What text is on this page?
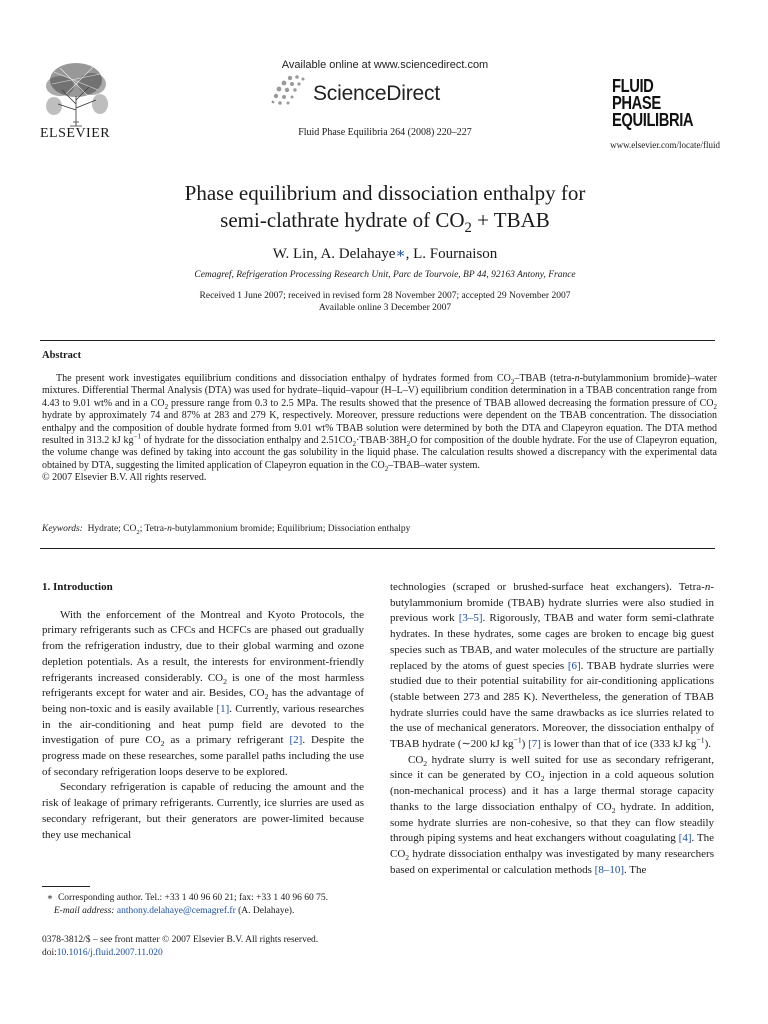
ELSEVIER
Available online at www.sciencedirect.com
ScienceDirect
Fluid Phase Equilibria 264 (2008) 220–227
FLUID PHASE
EQUILIBRIA
www.elsevier.com/locate/fluid
Phase equilibrium and dissociation enthalpy for
semi-clathrate hydrate of $CO_2$ + TBAB
W. Lin, A. Delahaye∗, L. Fournaison
Cemagref, Refrigeration Processing Research Unit, Parc de Tourvoie, BP 44, 92163 Antony, France
Received 1 June 2007; received in revised form 28 November 2007; accepted 29 November 2007
Available online 3 December 2007
Abstract

The present work investigates equilibrium conditions and dissociation enthalpy of hydrates formed from $CO_2$–TBAB (tetra-n-butylammonium bromide)–water mixtures. Differential Thermal Analysis (DTA) was used for hydrate–liquid–vapour (H–L–V) equilibrium condition determination in a TBAB concentration range from 4.43 to 9.01 wt% and in a $CO_2$ pressure range from 0.3 to 2.5 MPa. The results showed that the presence of TBAB allowed decreasing the formation pressure of $CO_2$ hydrate by approximately 74 and 87% at 283 and 279 K, respectively. Moreover, pressure reductions were dependent on the TBAB concentration. The dissociation enthalpy and the composition of double hydrate formed from 9.01 wt% TBAB solution were determined by both the DTA and Clapeyron equation. The DTA method resulted in 313.2 kJ $kg^{-1}$ of hydrate for the dissociation enthalpy and $2.51CO_2\cdot TBAB\cdot 38H_2O$ for composition of the double hydrate. For the use of Clapeyron equation, the volume change was defined by taking into account the gas solubility in the liquid phase. The calculation results showed a discrepancy with the experimental data obtained by DTA, suggesting the limited application of Clapeyron equation in the $CO_2-TBAB$–water system.

© 2007 Elsevier B.V. All rights reserved.

Keywords: Hydrate; $CO_2$; Tetra-n-butylammonium bromide; Equilibrium; Dissociation enthalpy

1. Introduction

With the enforcement of the Montreal and Kyoto Protocols, the primary refrigerants such as CFCs and HCFCs are phased out gradually from the refrigeration industry, due to their global warming and ozone depletion potentials. As a result, the interests for environment-friendly refrigerants increased considerably. $CO_2$ is one of the most harmless refrigerants except for water and air. Besides, $CO_2$ has the advantage of being non-toxic and is easily available [1]. Currently, various researches in the air-conditioning and heat pump field are devoted to the investigation of pure $CO_2$ as a primary refrigerant [2]. Despite the progress made on these researches, some parallel paths including the use of secondary refrigeration loops deserve to be explored.

Secondary refrigeration is capable of reducing the amount and the risk of leakage of primary refrigerants. Currently, ice slurries are used as secondary refrigerant, but their generators are power-limited because they use mechanical

∗ Corresponding author. Tel.: +33 1 40 96 60 21; fax: +33 1 40 96 60 75.
E-mail address: anthony.delahaye@cemagref.fr (A. Delahaye).
0378-3812/$ – see front matter © 2007 Elsevier B.V. All rights reserved.
doi:10.1016/j.fluid.2007.11.020

technologies (scraped or brushed-surface heat exchangers). Tetra-n-butylammonium bromide (TBAB) hydrate slurries were also studied in previous work [3–5]. Rigorously, TBAB and water form semi-clathrate hydrates. In these hydrates, some cages are broken to encage big guest species such as TBAB, and water molecules of the structure are partially replaced by the atoms of guest species [6]. TBAB hydrate slurries were studied due to their potential suitability for air-conditioning applications (stable between 273 and 285 K). Nevertheless, the generation of TBAB hydrate slurries could have the same drawbacks as ice slurries related to the use of mechanical generators. Moreover, the dissociation enthalpy of TBAB hydrate (∼200 kJ $kg^{-1}$) [7] is lower than that of ice (333 kJ $kg^{-1}$).

$CO_2$ hydrate slurry is well suited for use as secondary refrigerant, since it can be generated by $CO_2$ injection in a cold aqueous solution (non-mechanical process) and it has a large thermal storage capacity thanks to the large dissociation enthalpy of $CO_2$ hydrate. In addition, some hydrate slurries are non-cohesive, so that they can flow steadily through piping systems and heat exchangers without coagulating [4]. The $CO_2$ hydrate dissociation enthalpy was investigated by many researchers based on experimental or calculation methods [8–10]. The
